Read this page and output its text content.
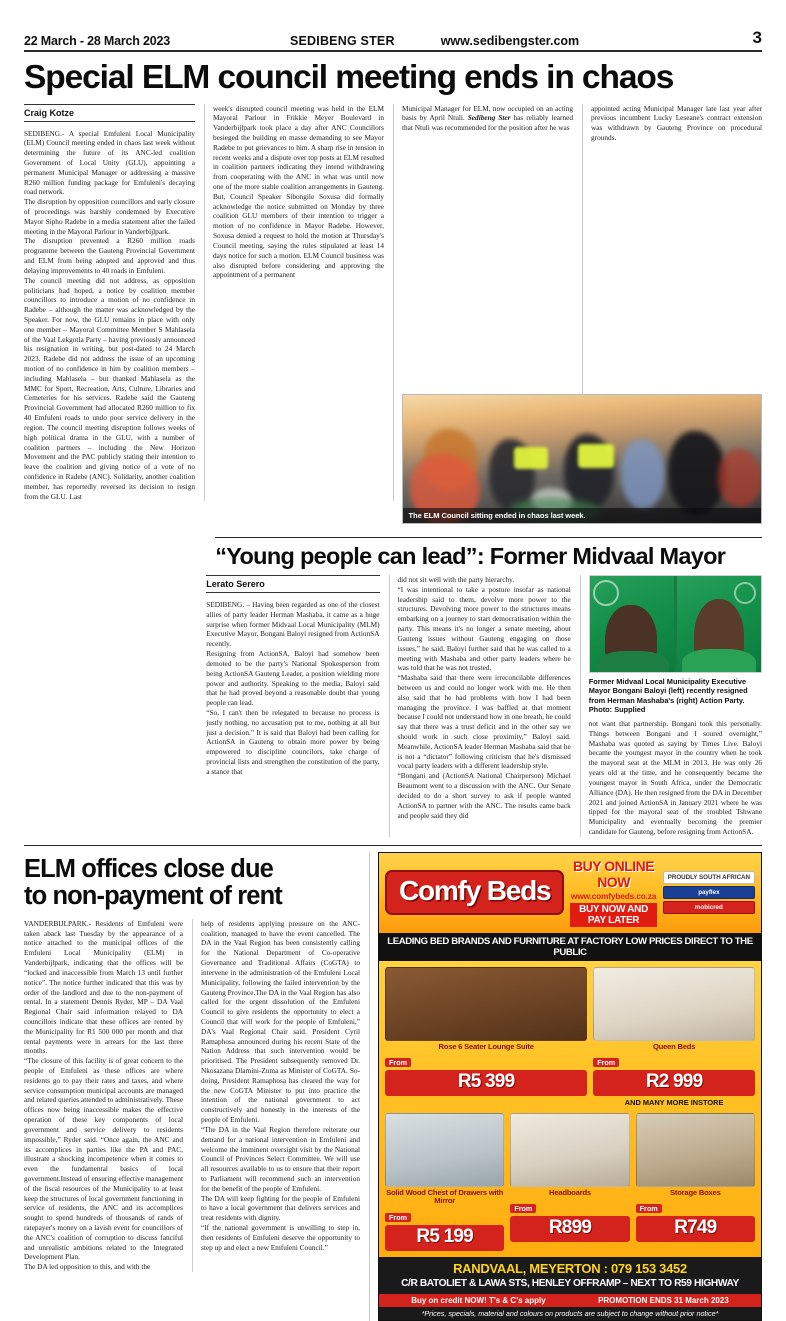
22 March - 28 March 2023	SEDIBENG STER	www.sedibengster.com	3
Special ELM council meeting ends in chaos
Craig Kotze

SEDIBENG.- A special Emfuleni Local Municipality (ELM) Council meeting ended in chaos last week without determining the future of its ANC-led coalition Government of Local Unity (GLU), appointing a permanent Municipal Manager or addressing a massive R260 million funding package for Emfuleni's decaying road network.

The disruption by opposition councillors and early closure of proceedings was harshly condemned by Executive Mayor Sipho Radebe in a media statement after the failed meeting in the Mayoral Parlour in Vanderbijlpark.

The disruption prevented a R260 million roads programme between the Gauteng Provincial Government and ELM from being adopted and approved and thus delaying improvements to 40 roads in Emfuleni.

The council meeting did not address, as opposition politicians had hoped, a notice by coalition member councillors to introduce a motion of no confidence in Radebe – although the matter was acknowledged by the Speaker. For now, the GLU remains in place with only one member – Mayoral Committee Member S Mahlasela of the Vaal Lekgotla Party – having previously announced his resignation in writing, but post-dated to 24 March 2023. Radebe did not address the issue of an upcoming motion of no confidence in him by coalition members – including Mahlasela – but thanked Mahlasela as the MMC for Sport, Recreation, Arts, Culture, Libraries and Cemeteries for his services. Radebe said the Gauteng Provincial Government had allocated R260 million to fix 40 Emfuleni roads to undo poor service delivery in the region. The council meeting disruption follows weeks of high political drama in the GLU, with a number of coalition partners – including the New Horizon Movement and the PAC publicly stating their intention to leave the coalition and giving notice of a vote of no confidence in Radebe (ANC). Solidarity, another coalition member, has reportedly reversed its decision to resign from the GLU. Last

week's disrupted council meeting was held in the ELM Mayoral Parlour in Frikkie Meyer Boulevard in Vanderbijlpark took place a day after ANC Councillors besieged the building en masse demanding to see Mayor Radebe to put grievances to him. A sharp rise in tension in recent weeks and a dispute over top posts at ELM resulted in coalition partners indicating they intend withdrawing from cooperating with the ANC in what was until now one of the more stable coalition arrangements in Gauteng. But, Council Speaker Sibongile Soxusa did formally acknowledge the notice submitted on Monday by three coalition GLU members of their intention to trigger a motion of no confidence in Mayor Radebe. However, Soxusa denied a request to hold the motion at Thursday's Council meeting, saying the rules stipulated at least 14 days notice for such a motion. ELM Council business was also disrupted before considering and approving the appointment of a permanent

Municipal Manager for ELM, now occupied on an acting basis by April Ntuli. Sedibeng Ster has reliably learned that Ntuli was recommended for the position after he was

appointed acting Municipal Manager late last year after previous incumbent Lucky Leseane's contract extension was withdrawn by Gauteng Province on procedural grounds.

The ELM Council sitting ended in chaos last week.
“Young people can lead”: Former Midvaal Mayor
Lerato Serero

SEDIBENG. – Having been regarded as one of the closest allies of party leader Herman Mashaba, it came as a huge surprise when former Midvaal Local Municipality (MLM) Executive Mayor, Bongani Baloyi resigned from ActionSA recently.

Resigning from ActionSA, Baloyi had somehow been demoted to be the party's National Spokesperson from being ActionSA Gauteng Leader, a position wielding more power and authority. Speaking to the media, Baloyi said that he had proved beyond a reasonable doubt that young people can lead.

“So, I can't then be relegated to because no process is justly nothing, no accusation put to me, nothing at all but just a decision.” It is said that Baloyi had been calling for ActionSA in Gauteng to obtain more power by being empowered to discipline councilors, take charge of provincial lists and strengthen the constitution of the party, a stance that

did not sit well with the party hierarchy.

“I was intentional to take a posture insofar as national leadership said to them, devolve more power to the structures. Devolving more power to the structures means embarking on a journey to start democratisation within the party. This means it's no longer a senate meeting, about Gauteng issues without Gauteng engaging on those issues,” he said. Baloyi further said that he was called to a meeting with Mashaba and other party leaders where he was told that he was not trusted.

“Mashaba said that there were irreconcilable differences between us and could no longer work with me. He then also said that he had problems with how I had been managing the province. I was baffled at that moment because I could not understand how in one breath, he could say that there was a trust deficit and in the other say we should work in such close proximity,” Baloyi said. Meanwhile, ActionSA leader Herman Mashaba said that he is not a “dictator” following criticism that he's dismissed vocal party leaders with a different leadership style.

“Bongani and (ActionSA National Chairperson) Michael Beaumont went to a discussion with the ANC. Our Senate decided to do a short survey to ask if people wanted ActionSA to partner with the ANC. The results came back and people said they did

Former Midvaal Local Municipality Executive Mayor Bongani Baloyi (left) recently resigned from Herman Mashaba's (right) Action Party. Photo: Supplied

not want that partnership. Bongani took this personally. Things between Bongani and I soured overnight,” Mashaba was quoted as saying by Times Live. Baloyi became the youngest mayor in the country when he took the mayoral seat at the MLM in 2013. He was only 26 years old at the time, and he consequently became the youngest mayor in South Africa, under the Democratic Alliance (DA). He then resigned from the DA in December 2021 and joined ActionSA in January 2021 where he was tipped for the mayoral seat of the troubled Tshwane Municipality and eventually becoming the premier candidate for Gauteng, before resigning from ActionSA.

ELM offices close due
to non-payment of rent

VANDERBIJLPARK.- Residents of Emfuleni were taken aback last Tuesday by the appearance of a notice attached to the municipal offices of the Emfuleni Local Municipality (ELM) in Vanderbijlpark, indicating that the offices will be “locked and inaccessible from March 13 until further notice”. The notice further indicated that this was by order of the landlord and due to the non-payment of rental. In a statement Dennis Ryder, MP – DA Vaal Regional Chair said information relayed to DA councillors indicate that these offices are rented by the Municipality for R1 500 000 per month and that rental payments were in arrears for the last three months.

“The closure of this facility is of great concern to the people of Emfuleni as these offices are where residents go to pay their rates and taxes, and where service consumption municipal accounts are managed and related queries attended to administratively. These offices now being inaccessible makes the effective operation of these key components of local government and service delivery to residents impossible,” Ryder said. “Once again, the ANC and its accomplices in parties like the PA and PAC, illustrate a shocking incompetence when it comes to even the fundamental basics of local government.Instead of ensuring effective management of the fiscal resources of the Municipality to at least keep the structures of local government functioning in service of residents, the ANC and its accomplices sought to spend hundreds of thousands of rands of ratepayer's money on a lavish event for councillors of the ANC's coalition of corruption to discuss fanciful and unrealistic ambitions related to the Integrated Development Plan.

The DA led opposition to this, and with the

help of residents applying pressure on the ANC-coalition, managed to have the event cancelled. The DA in the Vaal Region has been consistently calling for the National Department of Co-operative Governance and Traditional Affairs (CoGTA) to intervene in the administration of the Emfuleni Local Municipality, following the failed intervention by the Gauteng Province.The DA in the Vaal Region has also called for the urgent dissolution of the Emfuleni Council to give residents the opportunity to elect a Council that will work for the people of Emfuleni,” DA's Vaal Regional Chair said. President Cyril Ramaphosa announced during his recent State of the Nation Address that such intervention would be prioritised. The President subsequently removed Dr. Nkosazana Dlamini-Zuma as Minister of CoGTA. So-doing, President Ramaphosa has cleared the way for the new CoGTA Minister to put into practice the intention of the national government to act constructively and honestly in the interests of the people of Emfuleni.

“The DA in the Vaal Region therefore reiterate our demand for a national intervention in Emfuleni and welcome the imminent oversight visit by the National Council of Provinces Select Committee. We will use all resources available to us to ensure that their report to Parliament will recommend such an intervention for the benefit of the people of Emfuleni.

The DA will keep fighting for the people of Emfuleni to have a local government that delivers services and treat residents with dignity.

“If the national government is unwilling to step in, then residents of Emfuleni deserve the opportunity to step up and elect a new Emfuleni Council.”

Comfy Beds
BUY ONLINE NOW
www.comfybeds.co.za
BUY NOW AND PAY LATER
PROUDLY SOUTH AFRICAN
payflex
mobicred
LEADING BED BRANDS AND FURNITURE AT FACTORY LOW PRICES DIRECT TO THE PUBLIC
Rose 6 Seater Lounge Suite
From
R5 399
Queen Beds
From
R2 999
AND MANY MORE INSTORE
Solid Wood Chest of Drawers with Mirror
From
R5 199
Headboards
From
R899
Storage Boxes
From
R749
RANDVAAL, MEYERTON : 079 153 3452
C/R BATOLIET & LAWA STS, HENLEY OFFRAMP – NEXT TO R59 HIGHWAY
Buy on credit NOW! T's & C's apply	PROMOTION ENDS 31 March 2023
*Prices, specials, material and colours on products are subject to change without prior notice*
